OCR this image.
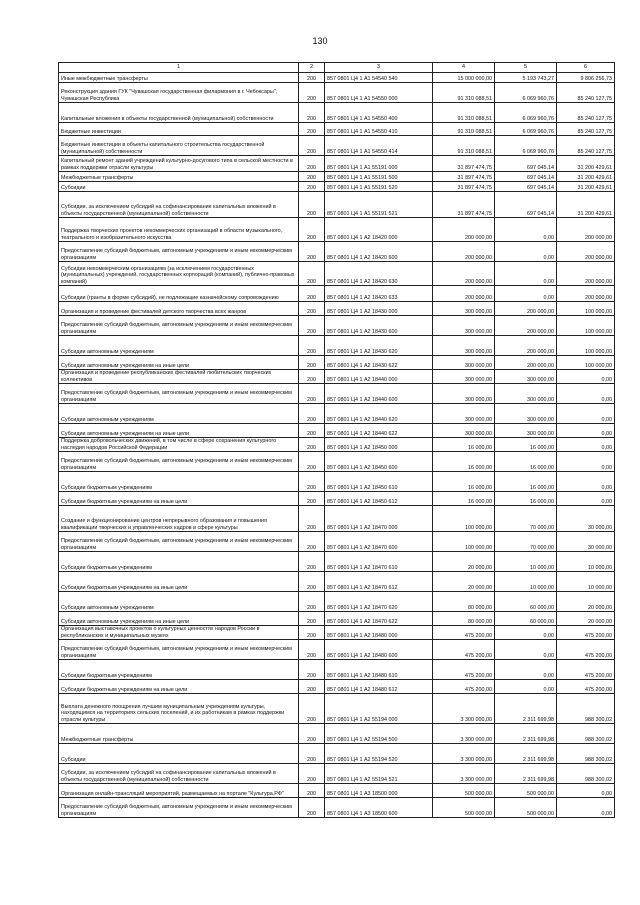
130
1	2	3	4	5	6
Иные межбюджетные трансферты	200	857 0801 Ц4 1 А1 54540 540	15 000 000,00	5 193 743,27	9 806 256,73
Реконструкция здания ГУК "Чувашская государственная филармония в г. Чебоксары", Чувашская Республика	200	857 0801 Ц4 1 А1 54550 000	91 310 088,51	6 069 960,76	85 240 127,75
Капитальные вложения в объекты государственной (муниципальной) собственности	200	857 0801 Ц4 1 А1 54550 400	91 310 088,51	6 069 960,76	85 240 127,75
Бюджетные инвестиции	200	857 0801 Ц4 1 А1 54550 410	91 310 088,51	6 069 960,76	85 240 127,75
Бюджетные инвестиции в объекты капитального строительства государственной (муниципальной) собственности	200	857 0801 Ц4 1 А1 54550 414	91 310 088,51	6 069 960,76	85 240 127,75
Капитальный ремонт зданий учреждений культурно-досугового типа в сельской местности в рамках поддержки отрасли культуры	200	857 0801 Ц4 1 А1 55191 000	31 897 474,75	697 045,14	31 200 429,61
Межбюджетные трансферты	200	857 0801 Ц4 1 А1 55191 500	31 897 474,75	697 045,14	31 200 429,61
Субсидии	200	857 0801 Ц4 1 А1 55191 520	31 897 474,75	697 045,14	31 200 429,61
Субсидии, за исключением субсидий на софинансирование капитальных вложений в объекты государственной (муниципальной) собственности	200	857 0801 Ц4 1 А1 55191 521	31 897 474,75	697 045,14	31 200 429,61
Поддержка творческих проектов некоммерческих организаций в области музыкального, театрального и изобразительного искусства	200	857 0801 Ц4 1 А2 18420 000	200 000,00	0,00	200 000,00
Предоставление субсидий бюджетным, автономным учреждениям и иным некоммерческим организациям	200	857 0801 Ц4 1 А2 18420 600	200 000,00	0,00	200 000,00
Субсидии некоммерческим организациям (за исключением государственных (муниципальных) учреждений, государственных корпораций (компаний), публично-правовых компаний)	200	857 0801 Ц4 1 А2 18420 630	200 000,00	0,00	200 000,00
Субсидии (гранты в форме субсидий), не подлежащие казначейскому сопровождению	200	857 0801 Ц4 1 А2 18420 633	200 000,00	0,00	200 000,00
Организация и проведение фестивалей детского творчества всех жанров	200	857 0801 Ц4 1 А2 18430 000	300 000,00	200 000,00	100 000,00
Предоставление субсидий бюджетным, автономным учреждениям и иным некоммерческим организациям	200	857 0801 Ц4 1 А2 18430 600	300 000,00	200 000,00	100 000,00
Субсидии автономным учреждениям	200	857 0801 Ц4 1 А2 18430 620	300 000,00	200 000,00	100 000,00
Субсидии автономным учреждениям на иные цели	200	857 0801 Ц4 1 А2 18430 622	300 000,00	200 000,00	100 000,00
Организация и проведение республиканских фестивалей любительских творческих коллективов	200	857 0801 Ц4 1 А2 18440 000	300 000,00	300 000,00	0,00
Предоставление субсидий бюджетным, автономным учреждениям и иным некоммерческим организациям	200	857 0801 Ц4 1 А2 18440 600	300 000,00	300 000,00	0,00
Субсидии автономным учреждениям	200	857 0801 Ц4 1 А2 18440 620	300 000,00	300 000,00	0,00
Субсидии автономным учреждениям на иные цели	200	857 0801 Ц4 1 А2 18440 622	300 000,00	300 000,00	0,00
Поддержка добровольческих движений, в том числе в сфере сохранения культурного наследия народов Российской Федерации	200	857 0801 Ц4 1 А2 18450 000	16 000,00	16 000,00	0,00
Предоставление субсидий бюджетным, автономным учреждениям и иным некоммерческим организациям	200	857 0801 Ц4 1 А2 18450 600	16 000,00	16 000,00	0,00
Субсидии бюджетным учреждениям	200	857 0801 Ц4 1 А2 18450 610	16 000,00	16 000,00	0,00
Субсидии бюджетным учреждениям на иные цели	200	857 0801 Ц4 1 А2 18450 612	16 000,00	16 000,00	0,00
Создание и функционирование центров непрерывного образования и повышения квалификации творческих и управленческих кадров в сфере культуры	200	857 0801 Ц4 1 А2 18470 000	100 000,00	70 000,00	30 000,00
Предоставление субсидий бюджетным, автономным учреждениям и иным некоммерческим организациям	200	857 0801 Ц4 1 А2 18470 600	100 000,00	70 000,00	30 000,00
Субсидии бюджетным учреждениям	200	857 0801 Ц4 1 А2 18470 610	20 000,00	10 000,00	10 000,00
Субсидии бюджетным учреждениям на иные цели	200	857 0801 Ц4 1 А2 18470 612	20 000,00	10 000,00	10 000,00
Субсидии автономным учреждениям	200	857 0801 Ц4 1 А2 18470 620	80 000,00	60 000,00	20 000,00
Субсидии автономным учреждениям на иные цели	200	857 0801 Ц4 1 А2 18470 622	80 000,00	60 000,00	20 000,00
Организация выставочных проектов о культурных ценностях народов России в республиканских и муниципальных музеях	200	857 0801 Ц4 1 А2 18480 000	475 200,00	0,00	475 200,00
Предоставление субсидий бюджетным, автономным учреждениям и иным некоммерческим организациям	200	857 0801 Ц4 1 А2 18480 600	475 200,00	0,00	475 200,00
Субсидии бюджетным учреждениям	200	857 0801 Ц4 1 А2 18480 610	475 200,00	0,00	475 200,00
Субсидии бюджетным учреждениям на иные цели	200	857 0801 Ц4 1 А2 18480 612	475 200,00	0,00	475 200,00
Выплата денежного поощрения лучшим муниципальным учреждениям культуры, находящимся на территориях сельских поселений, и их работникам в рамках поддержки отрасли культуры	200	857 0801 Ц4 1 А2 55194 000	3 300 000,00	2 311 699,98	988 300,02
Межбюджетные трансферты	200	857 0801 Ц4 1 А2 55194 500	3 300 000,00	2 311 699,98	988 300,02
Субсидии	200	857 0801 Ц4 1 А2 55194 520	3 300 000,00	2 311 699,98	988 300,02
Субсидии, за исключением субсидий на софинансирование капитальных вложений в объекты государственной (муниципальной) собственности	200	857 0801 Ц4 1 А2 55194 521	3 300 000,00	2 311 699,98	988 300,02
Организация онлайн-трансляций мероприятий, размещаемых на портале "Культура.РФ"	200	857 0801 Ц4 1 А3 18500 000	500 000,00	500 000,00	0,00
Предоставление субсидий бюджетным, автономным учреждениям и иным некоммерческим организациям	200	857 0801 Ц4 1 А3 18500 600	500 000,00	500 000,00	0,00
